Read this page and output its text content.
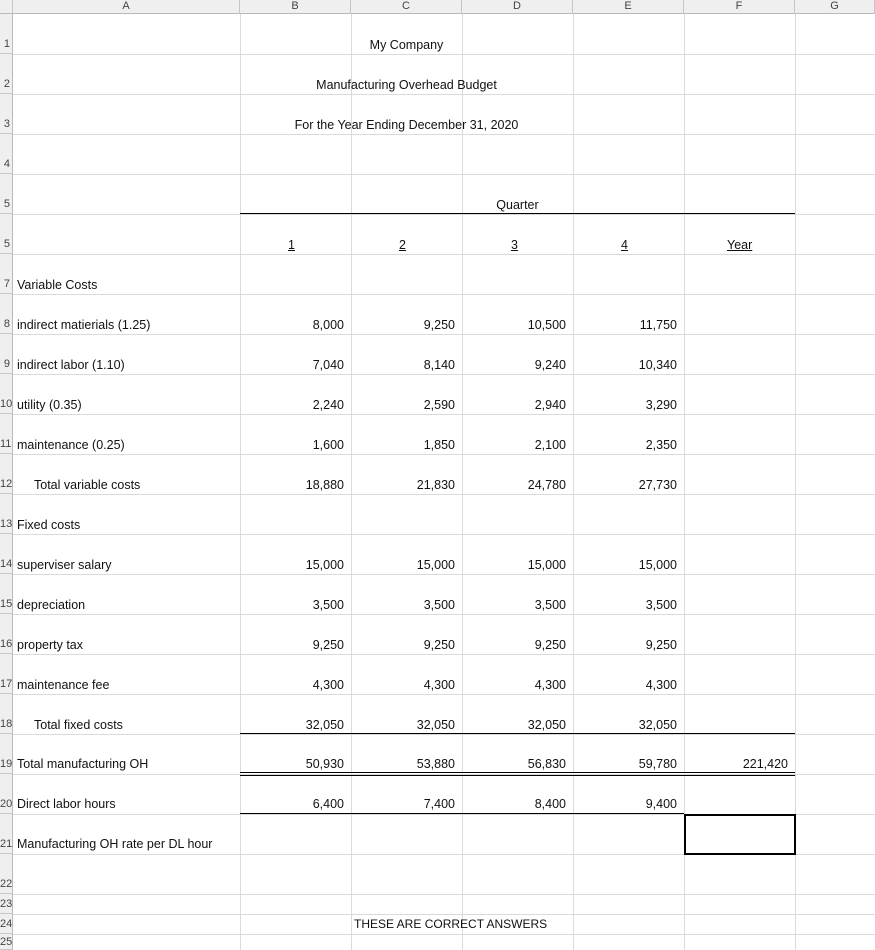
A	B	C	D	E	F	G
1
2
3
4
5
5
7
8
9
10
11
12
13
14
15
16
17
18
19
20
21
22
23
24
25
My Company
Manufacturing Overhead Budget
For the Year Ending December 31, 2020
Quarter
1	2	3	4	Year
Variable Costs
Fixed costs
indirect matierials (1.25)	8,000	9,250	10,500	11,750
indirect labor (1.10)	7,040	8,140	9,240	10,340
utility (0.35)	2,240	2,590	2,940	3,290
maintenance (0.25)	1,600	1,850	2,100	2,350
Total variable costs	18,880	21,830	24,780	27,730
superviser salary	15,000	15,000	15,000	15,000
depreciation	3,500	3,500	3,500	3,500
property tax	9,250	9,250	9,250	9,250
maintenance fee	4,300	4,300	4,300	4,300
Total fixed costs	32,050	32,050	32,050	32,050
Total manufacturing OH	50,930	53,880	56,830	59,780	221,420
Direct labor hours	6,400	7,400	8,400	9,400
Manufacturing OH rate per DL hour
THESE ARE CORRECT ANSWERS
